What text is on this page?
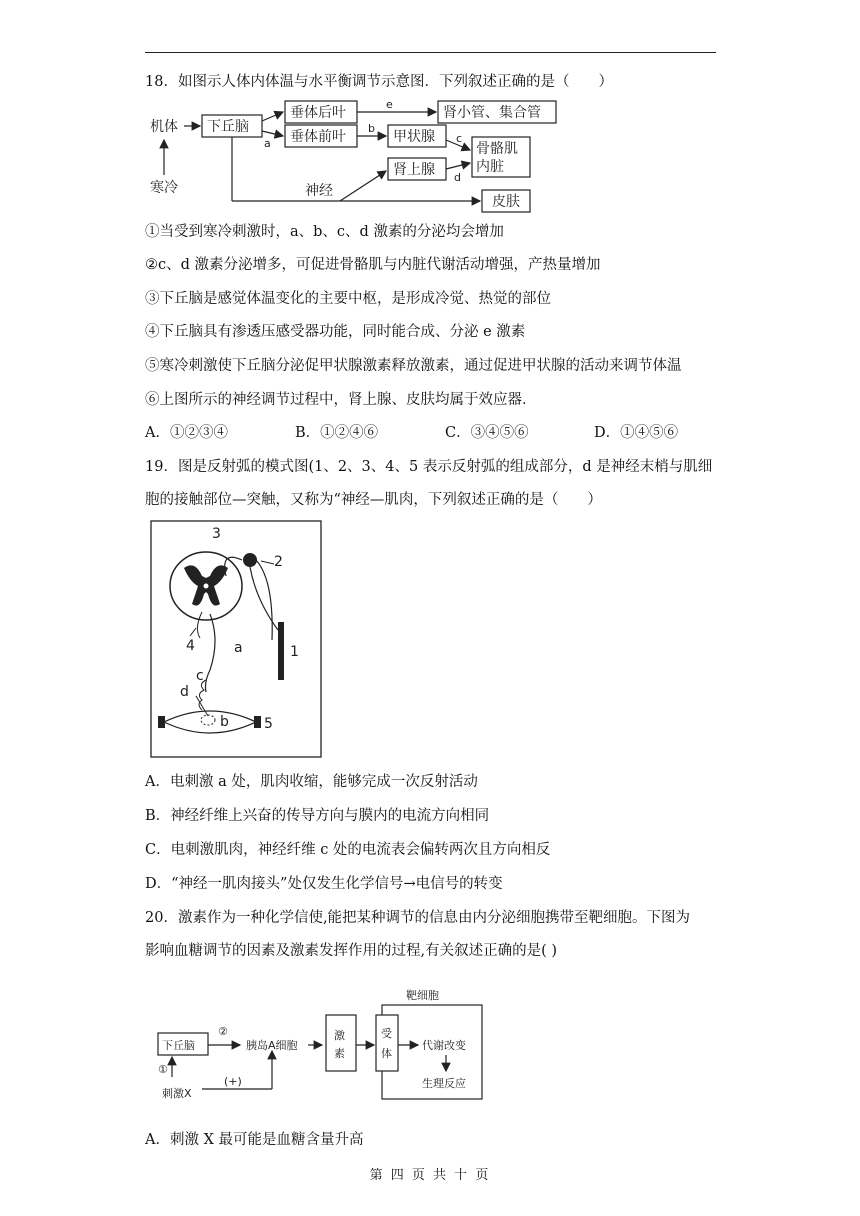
18．如图示人体内体温与水平衡调节示意图．下列叙述正确的是（　　）
机体
寒冷
下丘脑
a
垂体后叶
垂体前叶
e
肾小管、集合管
b
甲状腺 c
骨骼肌
内脏
肾上腺 d
神经
皮肤
①当受到寒冷刺激时，a、b、c、d 激素的分泌均会增加
②c、d 激素分泌增多，可促进骨骼肌与内脏代谢活动增强，产热量增加
③下丘脑是感觉体温变化的主要中枢，是形成冷觉、热觉的部位
④下丘脑具有渗透压感受器功能，同时能合成、分泌 e 激素
⑤寒冷刺激使下丘脑分泌促甲状腺激素释放激素，通过促进甲状腺的活动来调节体温
⑥上图所示的神经调节过程中，肾上腺、皮肤均属于效应器．
A．①②③④	B．①②④⑥	C．③④⑤⑥	D．①④⑤⑥
19．图是反射弧的模式图(1、2、3、4、5 表示反射弧的组成部分，d 是神经末梢与肌细
胞的接触部位—突触，又称为“神经—肌肉，下列叙述正确的是（　　）
3
2
4	1
a
c
d
b	5
A．电刺激 a 处，肌肉收缩，能够完成一次反射活动
B．神经纤维上兴奋的传导方向与膜内的电流方向相同
C．电刺激肌肉，神经纤维 c 处的电流表会偏转两次且方向相反
D．“神经一肌肉接头”处仅发生化学信号→电信号的转变
20．激素作为一种化学信使,能把某种调节的信息由内分泌细胞携带至靶细胞。下图为
影响血糖调节的因素及激素发挥作用的过程,有关叙述正确的是( )
靶细胞
下丘脑
②
胰岛A细胞
激
素
受
体
代谢改变
生理反应
①
刺激X
(+)
A．刺激 X 最可能是血糖含量升高
第 四 页 共 十 页
